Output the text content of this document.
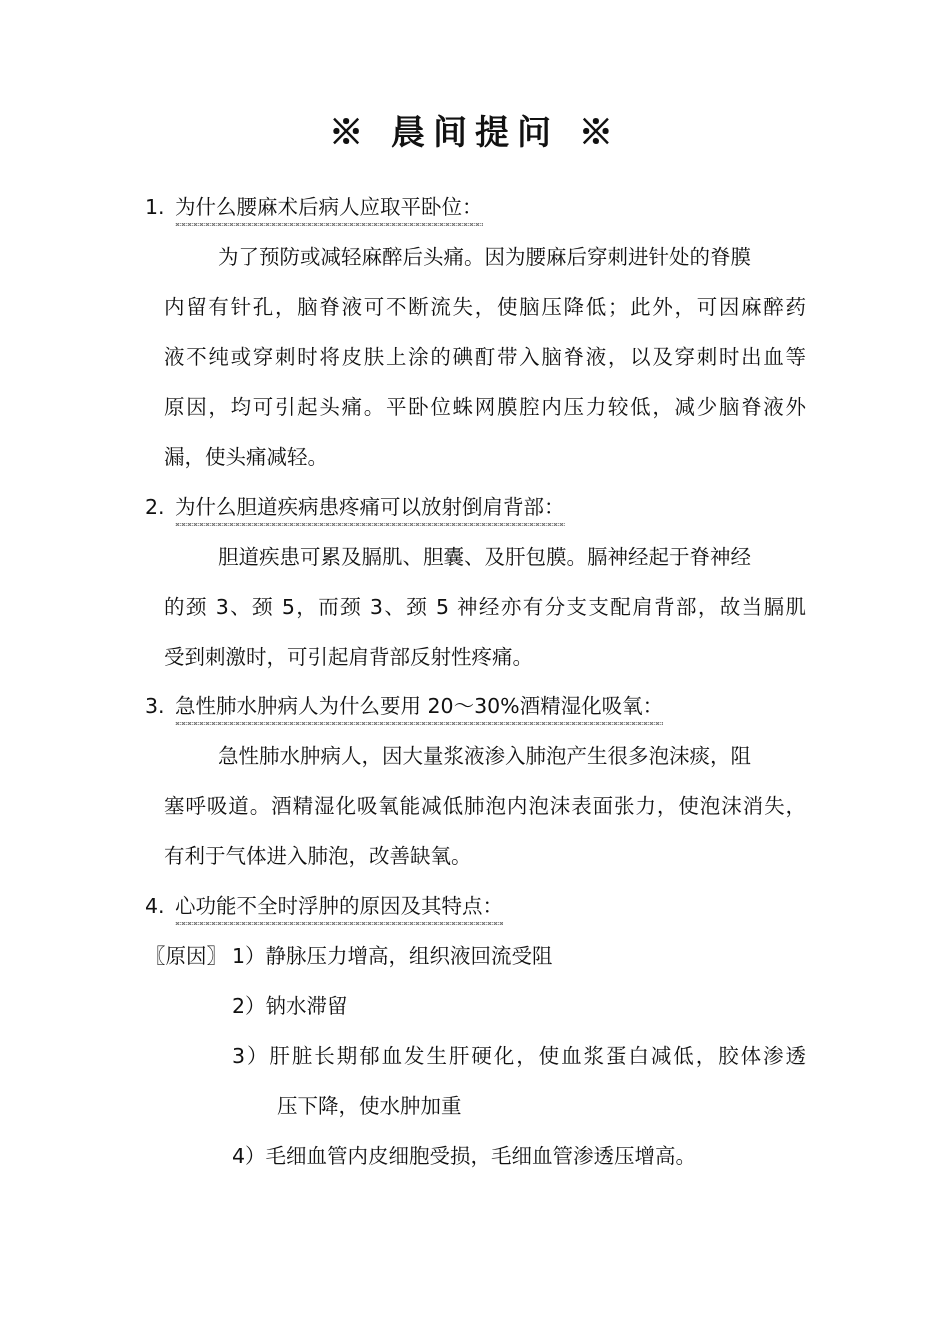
※ 晨间提问 ※
1. 为什么腰麻术后病人应取平卧位：
为了预防或减轻麻醉后头痛。因为腰麻后穿刺进针处的脊膜
内留有针孔，脑脊液可不断流失，使脑压降低；此外，可因麻醉药
液不纯或穿刺时将皮肤上涂的碘酊带入脑脊液，以及穿刺时出血等
原因，均可引起头痛。平卧位蛛网膜腔内压力较低，减少脑脊液外
漏，使头痛减轻。
2. 为什么胆道疾病患疼痛可以放射倒肩背部：
胆道疾患可累及膈肌、胆囊、及肝包膜。膈神经起于脊神经
的颈 3、颈 5，而颈 3、颈 5 神经亦有分支支配肩背部，故当膈肌
受到刺激时，可引起肩背部反射性疼痛。
3. 急性肺水肿病人为什么要用 20～30%酒精湿化吸氧：
急性肺水肿病人，因大量浆液渗入肺泡产生很多泡沫痰，阻
塞呼吸道。酒精湿化吸氧能减低肺泡内泡沫表面张力，使泡沫消失，
有利于气体进入肺泡，改善缺氧。
4. 心功能不全时浮肿的原因及其特点：
〖原因〗 1）静脉压力增高，组织液回流受阻
2）钠水滞留
3）肝脏长期郁血发生肝硬化，使血浆蛋白减低，胶体渗透
压下降，使水肿加重
4）毛细血管内皮细胞受损，毛细血管渗透压增高。
